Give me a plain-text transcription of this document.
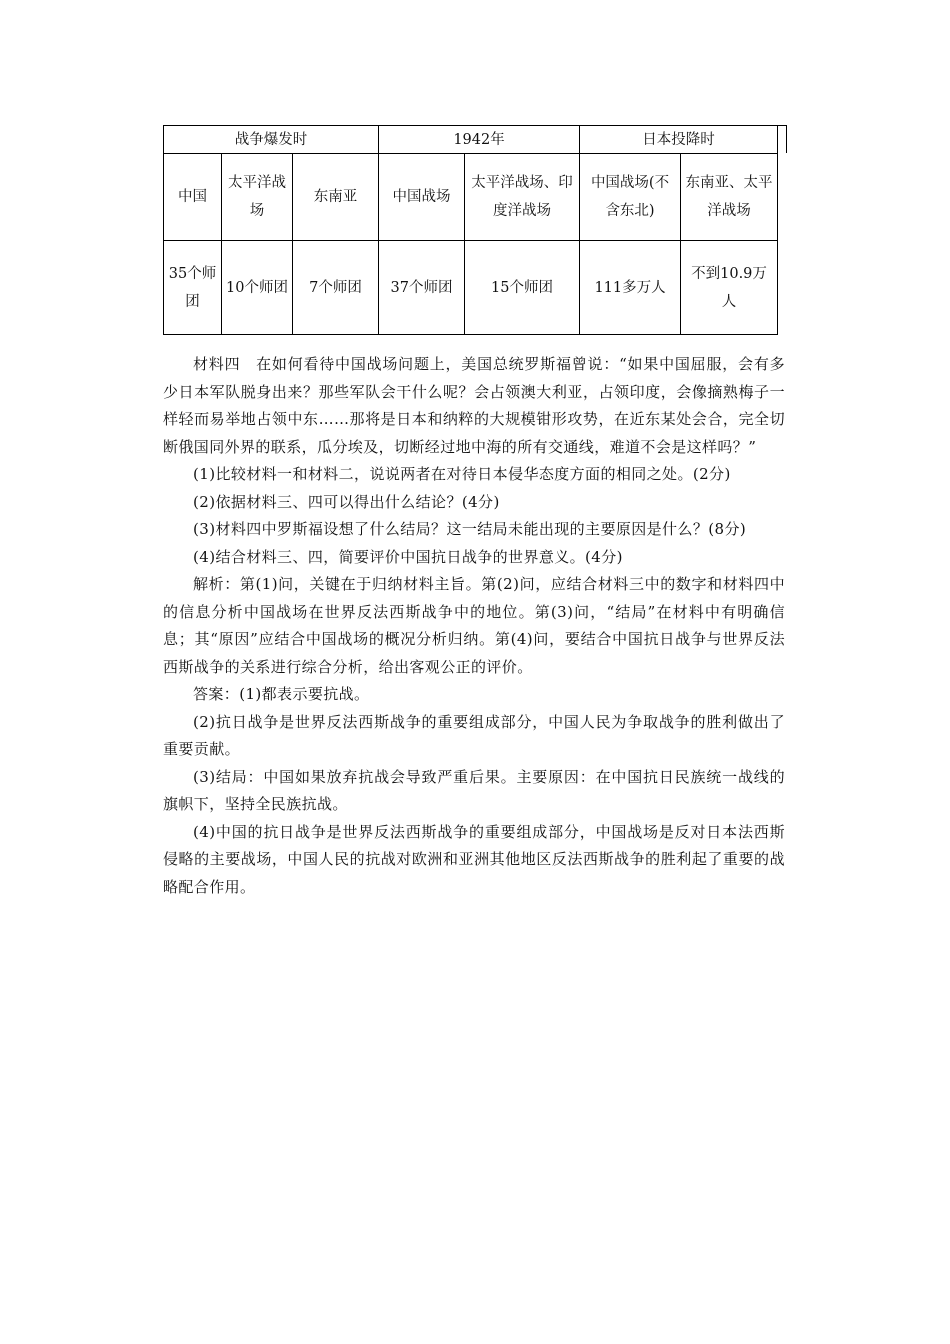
战争爆发时			1942年		日本投降时	
中国	太平洋战场	东南亚	中国战场	太平洋战场、印度洋战场	中国战场(不含东北)	东南亚、太平洋战场
35个师团	10个师团	7个师团	37个师团	15个师团	111多万人	不到10.9万人

材料四　在如何看待中国战场问题上，美国总统罗斯福曾说：“如果中国屈服，会有多少日本军队脱身出来？那些军队会干什么呢？会占领澳大利亚，占领印度，会像摘熟梅子一样轻而易举地占领中东……那将是日本和纳粹的大规模钳形攻势，在近东某处会合，完全切断俄国同外界的联系，瓜分埃及，切断经过地中海的所有交通线，难道不会是这样吗？”

(1)比较材料一和材料二，说说两者在对待日本侵华态度方面的相同之处。(2分)

(2)依据材料三、四可以得出什么结论？(4分)

(3)材料四中罗斯福设想了什么结局？这一结局未能出现的主要原因是什么？(8分)

(4)结合材料三、四，简要评价中国抗日战争的世界意义。(4分)

解析：第(1)问，关键在于归纳材料主旨。第(2)问，应结合材料三中的数字和材料四中的信息分析中国战场在世界反法西斯战争中的地位。第(3)问，“结局”在材料中有明确信息；其“原因”应结合中国战场的概况分析归纳。第(4)问，要结合中国抗日战争与世界反法西斯战争的关系进行综合分析，给出客观公正的评价。

答案：(1)都表示要抗战。

(2)抗日战争是世界反法西斯战争的重要组成部分，中国人民为争取战争的胜利做出了重要贡献。

(3)结局：中国如果放弃抗战会导致严重后果。主要原因：在中国抗日民族统一战线的旗帜下，坚持全民族抗战。

(4)中国的抗日战争是世界反法西斯战争的重要组成部分，中国战场是反对日本法西斯侵略的主要战场，中国人民的抗战对欧洲和亚洲其他地区反法西斯战争的胜利起了重要的战略配合作用。
